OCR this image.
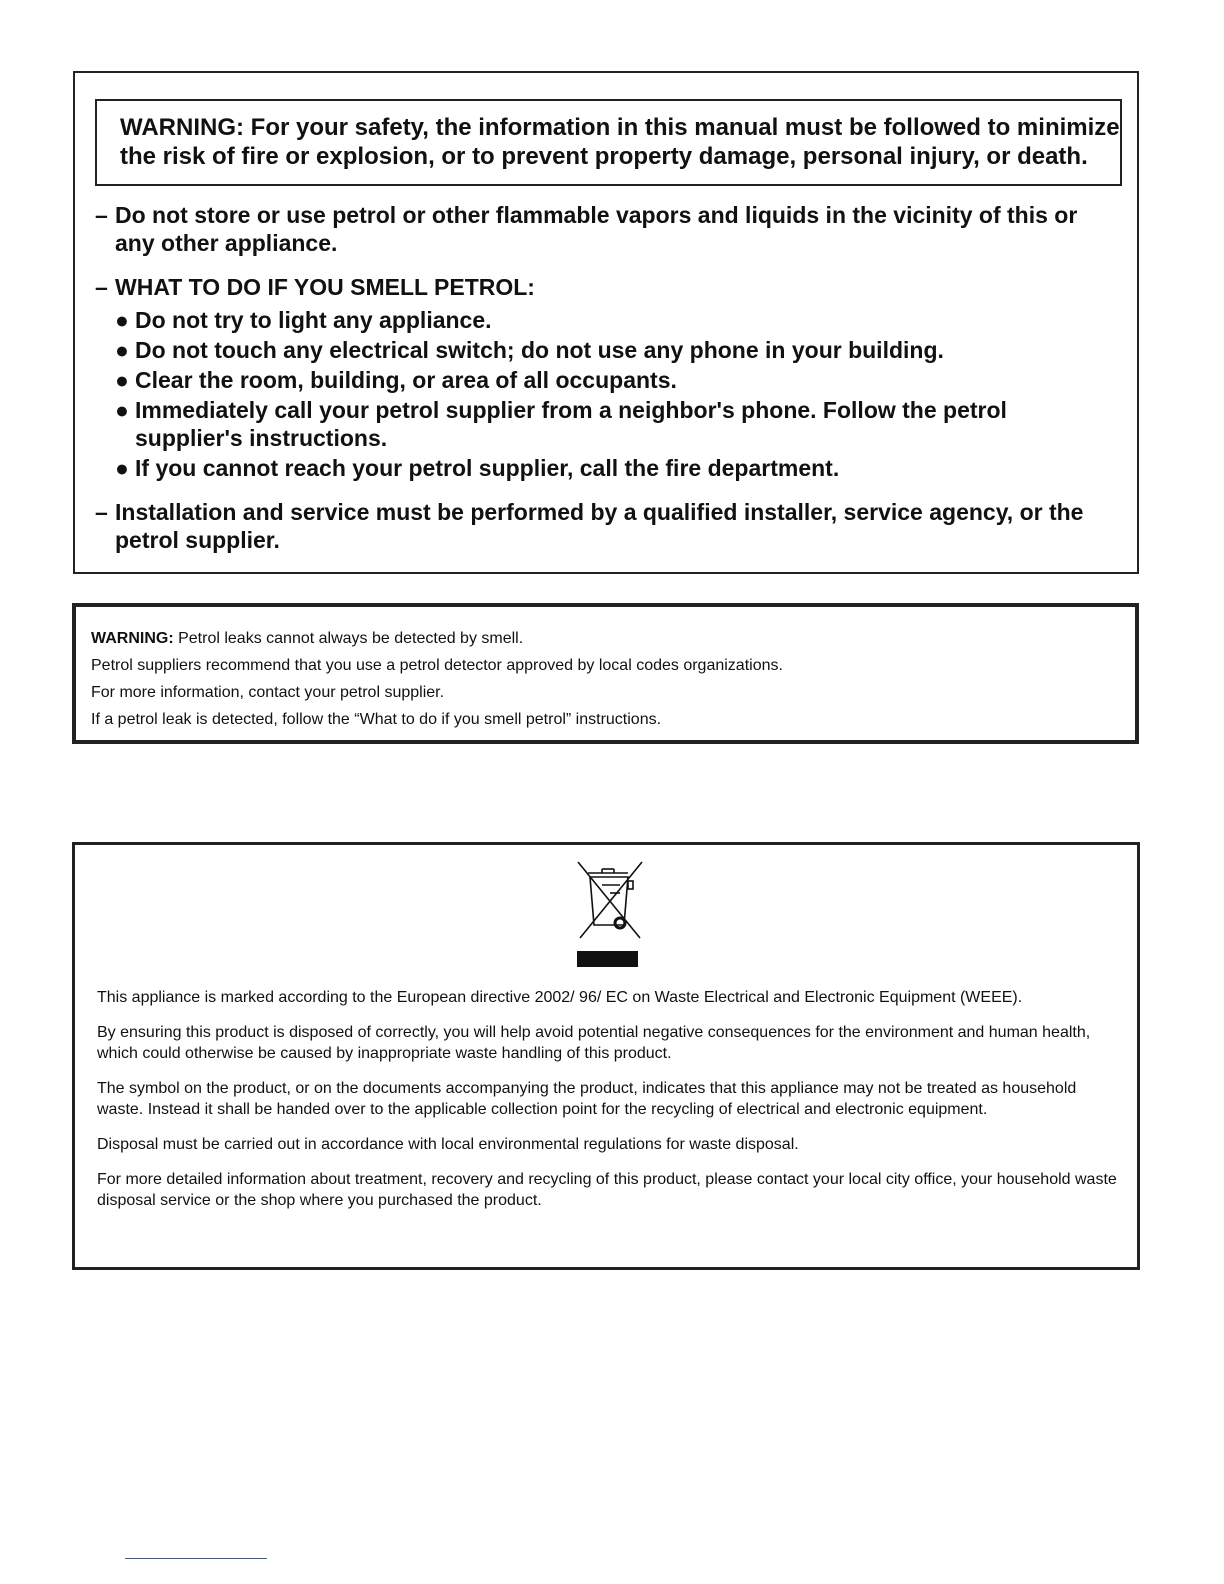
WARNING: For your safety, the information in this manual must be followed to minimize the risk of fire or explosion, or to prevent property damage, personal injury, or death.

– Do not store or use petrol or other flammable vapors and liquids in the vicinity of this or any other appliance.
– WHAT TO DO IF YOU SMELL PETROL:
● Do not try to light any appliance.
● Do not touch any electrical switch; do not use any phone in your building.
● Clear the room, building, or area of all occupants.
● Immediately call your petrol supplier from a neighbor's phone. Follow the petrol supplier's instructions.
● If you cannot reach your petrol supplier, call the fire department.
– Installation and service must be performed by a qualified installer, service agency, or the petrol supplier.
WARNING: Petrol leaks cannot always be detected by smell.
Petrol suppliers recommend that you use a petrol detector approved by local codes organizations.
For more information, contact your petrol supplier.
If a petrol leak is detected, follow the “What to do if you smell petrol” instructions.

This appliance is marked according to the European directive 2002/ 96/ EC on Waste Electrical and Electronic Equipment (WEEE).

By ensuring this product is disposed of correctly, you will help avoid potential negative consequences for the environment and human health, which could otherwise be caused by inappropriate waste handling of this product.

The symbol on the product, or on the documents accompanying the product, indicates that this appliance may not be treated as household waste. Instead it shall be handed over to the applicable collection point for the recycling of electrical and electronic equipment.

Disposal must be carried out in accordance with local environmental regulations for waste disposal.

For more detailed information about treatment, recovery and recycling of this product, please contact your local city office, your household waste disposal service or the shop where you purchased the product.
